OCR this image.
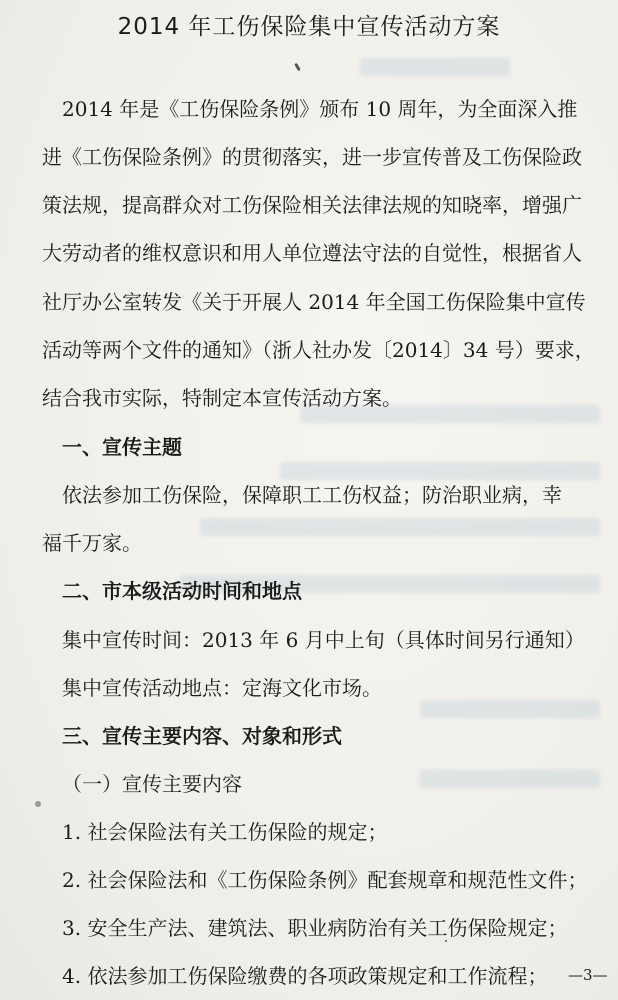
2014 年工伤保险集中宣传活动方案
2014 年是《工伤保险条例》颁布 10 周年，为全面深入推
进《工伤保险条例》的贯彻落实，进一步宣传普及工伤保险政
策法规，提高群众对工伤保险相关法律法规的知晓率，增强广
大劳动者的维权意识和用人单位遵法守法的自觉性，根据省人
社厅办公室转发《关于开展人 2014 年全国工伤保险集中宣传
活动等两个文件的通知》（浙人社办发〔2014〕34 号）要求，
结合我市实际，特制定本宣传活动方案。
一、宣传主题
依法参加工伤保险，保障职工工伤权益；防治职业病，幸
福千万家。
二、市本级活动时间和地点
集中宣传时间：2013 年 6 月中上旬（具体时间另行通知）
集中宣传活动地点：定海文化市场。
三、宣传主要内容、对象和形式
（一）宣传主要内容
1. 社会保险法有关工伤保险的规定；
2. 社会保险法和《工伤保险条例》配套规章和规范性文件；
3. 安全生产法、建筑法、职业病防治有关工伤保险规定；
4. 依法参加工伤保险缴费的各项政策规定和工作流程； —3—
